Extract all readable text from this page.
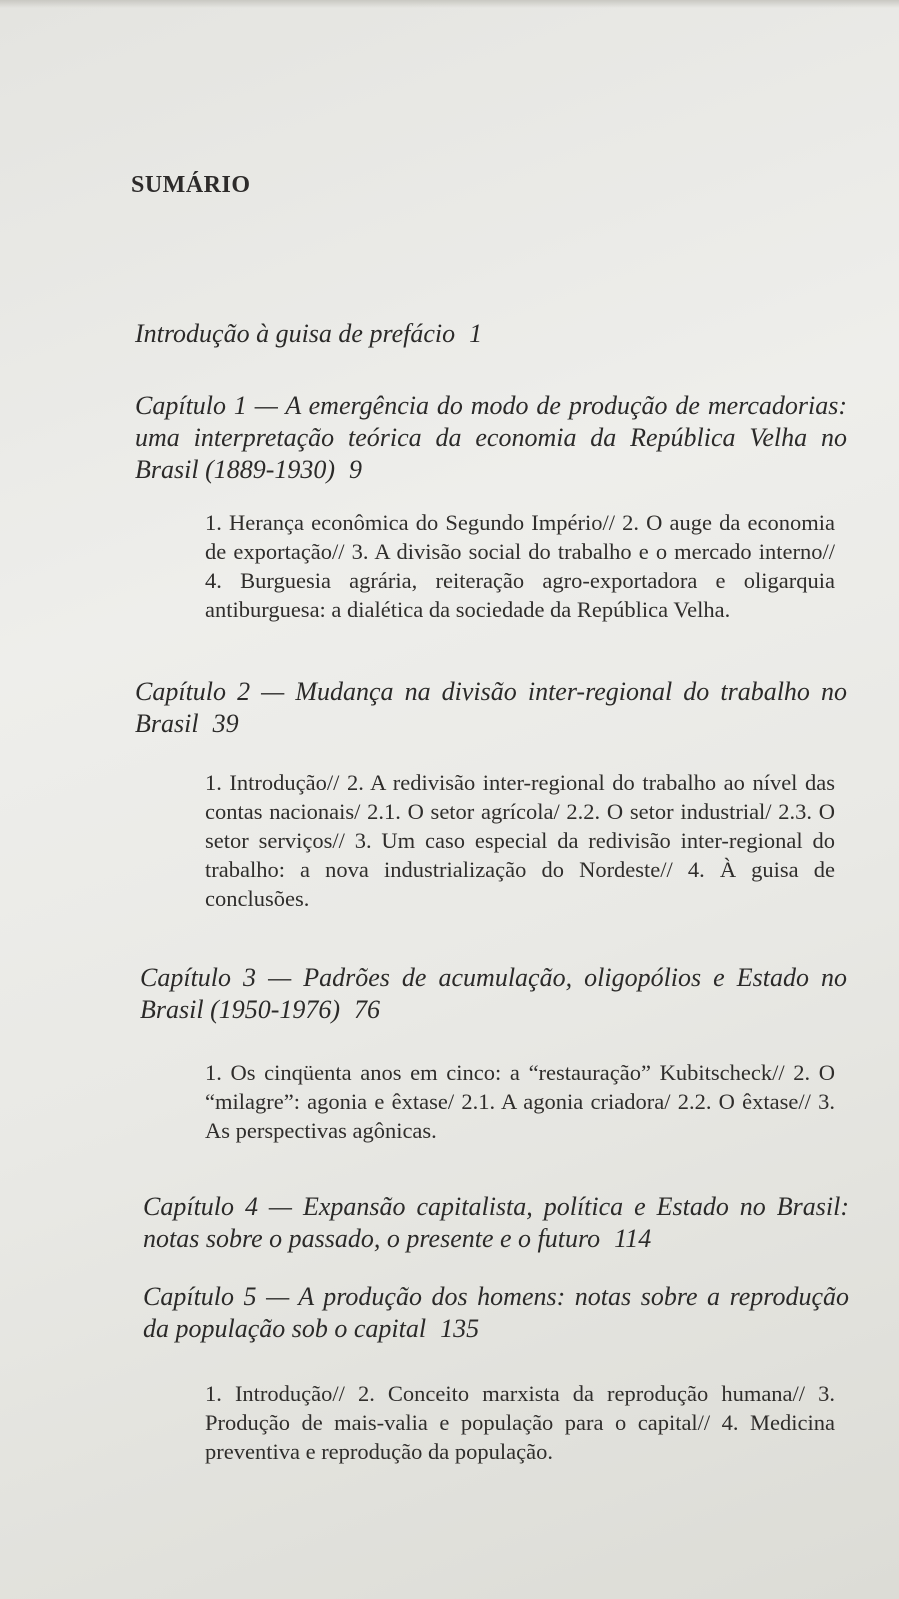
SUMÁRIO

Introdução à guisa de prefácio 1

Capítulo 1 — A emergência do modo de produção de mercadorias: uma interpretação teórica da economia da República Velha no Brasil (1889-1930) 9

1. Herança econômica do Segundo Império// 2. O auge da economia de exportação// 3. A divisão social do trabalho e o mercado interno// 4. Burguesia agrária, reiteração agro-exportadora e oligarquia antiburguesa: a dialética da sociedade da República Velha.

Capítulo 2 — Mudança na divisão inter-regional do trabalho no Brasil 39

1. Introdução// 2. A redivisão inter-regional do trabalho ao nível das contas nacionais/ 2.1. O setor agrícola/ 2.2. O setor industrial/ 2.3. O setor serviços// 3. Um caso especial da redivisão inter-regional do trabalho: a nova industrialização do Nordeste// 4. À guisa de conclusões.

Capítulo 3 — Padrões de acumulação, oligopólios e Estado no Brasil (1950-1976) 76

1. Os cinqüenta anos em cinco: a “restauração” Kubitscheck// 2. O “milagre”: agonia e êxtase/ 2.1. A agonia criadora/ 2.2. O êxtase// 3. As perspectivas agônicas.

Capítulo 4 — Expansão capitalista, política e Estado no Brasil: notas sobre o passado, o presente e o futuro 114

Capítulo 5 — A produção dos homens: notas sobre a reprodução da população sob o capital 135

1. Introdução// 2. Conceito marxista da reprodução humana// 3. Produção de mais-valia e população para o capital// 4. Medicina preventiva e reprodução da população.
